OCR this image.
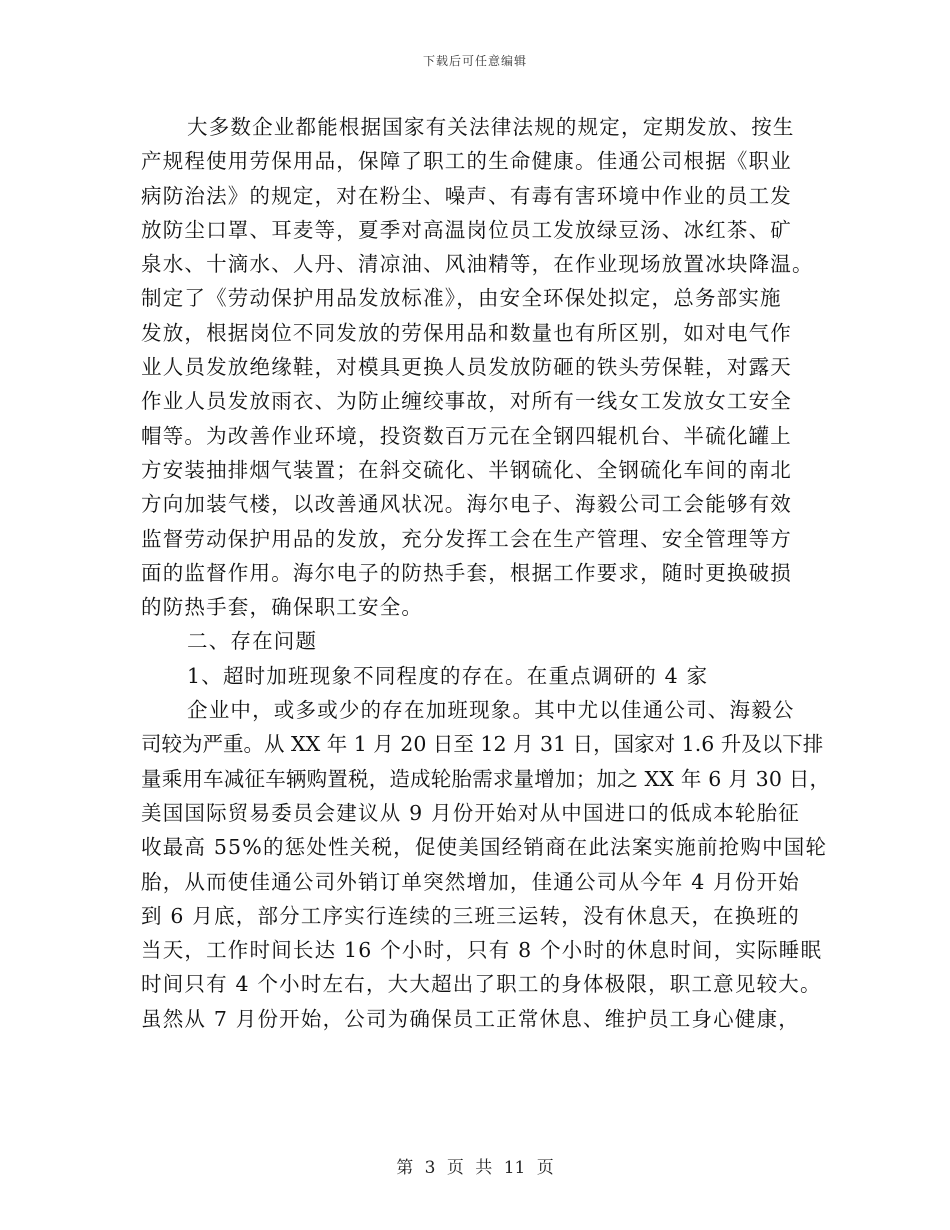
下载后可任意编辑
大多数企业都能根据国家有关法律法规的规定，定期发放、按生
产规程使用劳保用品，保障了职工的生命健康。佳通公司根据《职业
病防治法》的规定，对在粉尘、噪声、有毒有害环境中作业的员工发
放防尘口罩、耳麦等，夏季对高温岗位员工发放绿豆汤、冰红茶、矿
泉水、十滴水、人丹、清凉油、风油精等，在作业现场放置冰块降温。
制定了《劳动保护用品发放标准》，由安全环保处拟定，总务部实施
发放，根据岗位不同发放的劳保用品和数量也有所区别，如对电气作
业人员发放绝缘鞋，对模具更换人员发放防砸的铁头劳保鞋，对露天
作业人员发放雨衣、为防止缠绞事故，对所有一线女工发放女工安全
帽等。为改善作业环境，投资数百万元在全钢四辊机台、半硫化罐上
方安装抽排烟气装置；在斜交硫化、半钢硫化、全钢硫化车间的南北
方向加装气楼，以改善通风状况。海尔电子、海毅公司工会能够有效
监督劳动保护用品的发放，充分发挥工会在生产管理、安全管理等方
面的监督作用。海尔电子的防热手套，根据工作要求，随时更换破损
的防热手套，确保职工安全。
二、存在问题
1、超时加班现象不同程度的存在。在重点调研的 4 家
企业中，或多或少的存在加班现象。其中尤以佳通公司、海毅公
司较为严重。从 XX 年 1 月 20 日至 12 月 31 日，国家对 1.6 升及以下排
量乘用车减征车辆购置税，造成轮胎需求量增加；加之 XX 年 6 月 30 日，
美国国际贸易委员会建议从 9 月份开始对从中国进口的低成本轮胎征
收最高 55%的惩处性关税，促使美国经销商在此法案实施前抢购中国轮
胎，从而使佳通公司外销订单突然增加，佳通公司从今年 4 月份开始
到 6 月底，部分工序实行连续的三班三运转，没有休息天，在换班的
当天，工作时间长达 16 个小时，只有 8 个小时的休息时间，实际睡眠
时间只有 4 个小时左右，大大超出了职工的身体极限，职工意见较大。
虽然从 7 月份开始，公司为确保员工正常休息、维护员工身心健康，
第 3 页 共 11 页
